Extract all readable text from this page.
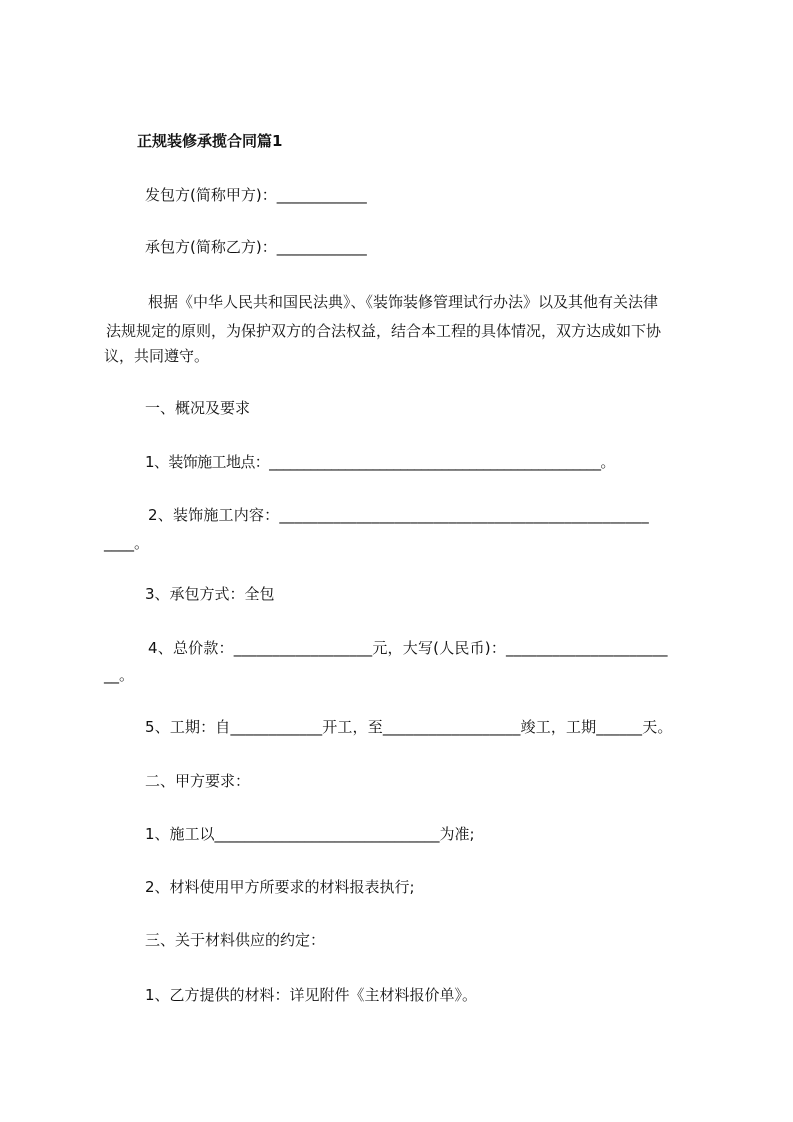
正规装修承揽合同篇1
发包方(简称甲方)：____________
承包方(简称乙方)：____________
根据《中华人民共和国民法典》、《装饰装修管理试行办法》以及其他有关法律
法规规定的原则，为保护双方的合法权益，结合本工程的具体情况，双方达成如下协
议，共同遵守。
一、概况及要求
1、装饰施工地点：________________________________________________。
2、装饰施工内容：________________________________________________
____。
3、承包方式：全包
4、总价款：__________________元，大写(人民币)：_____________________
__。
5、工期：自____________开工，至__________________竣工，工期______天。
二、甲方要求：
1、施工以______________________________为准;
2、材料使用甲方所要求的材料报表执行;
三、关于材料供应的约定：
1、乙方提供的材料：详见附件《主材料报价单》。
